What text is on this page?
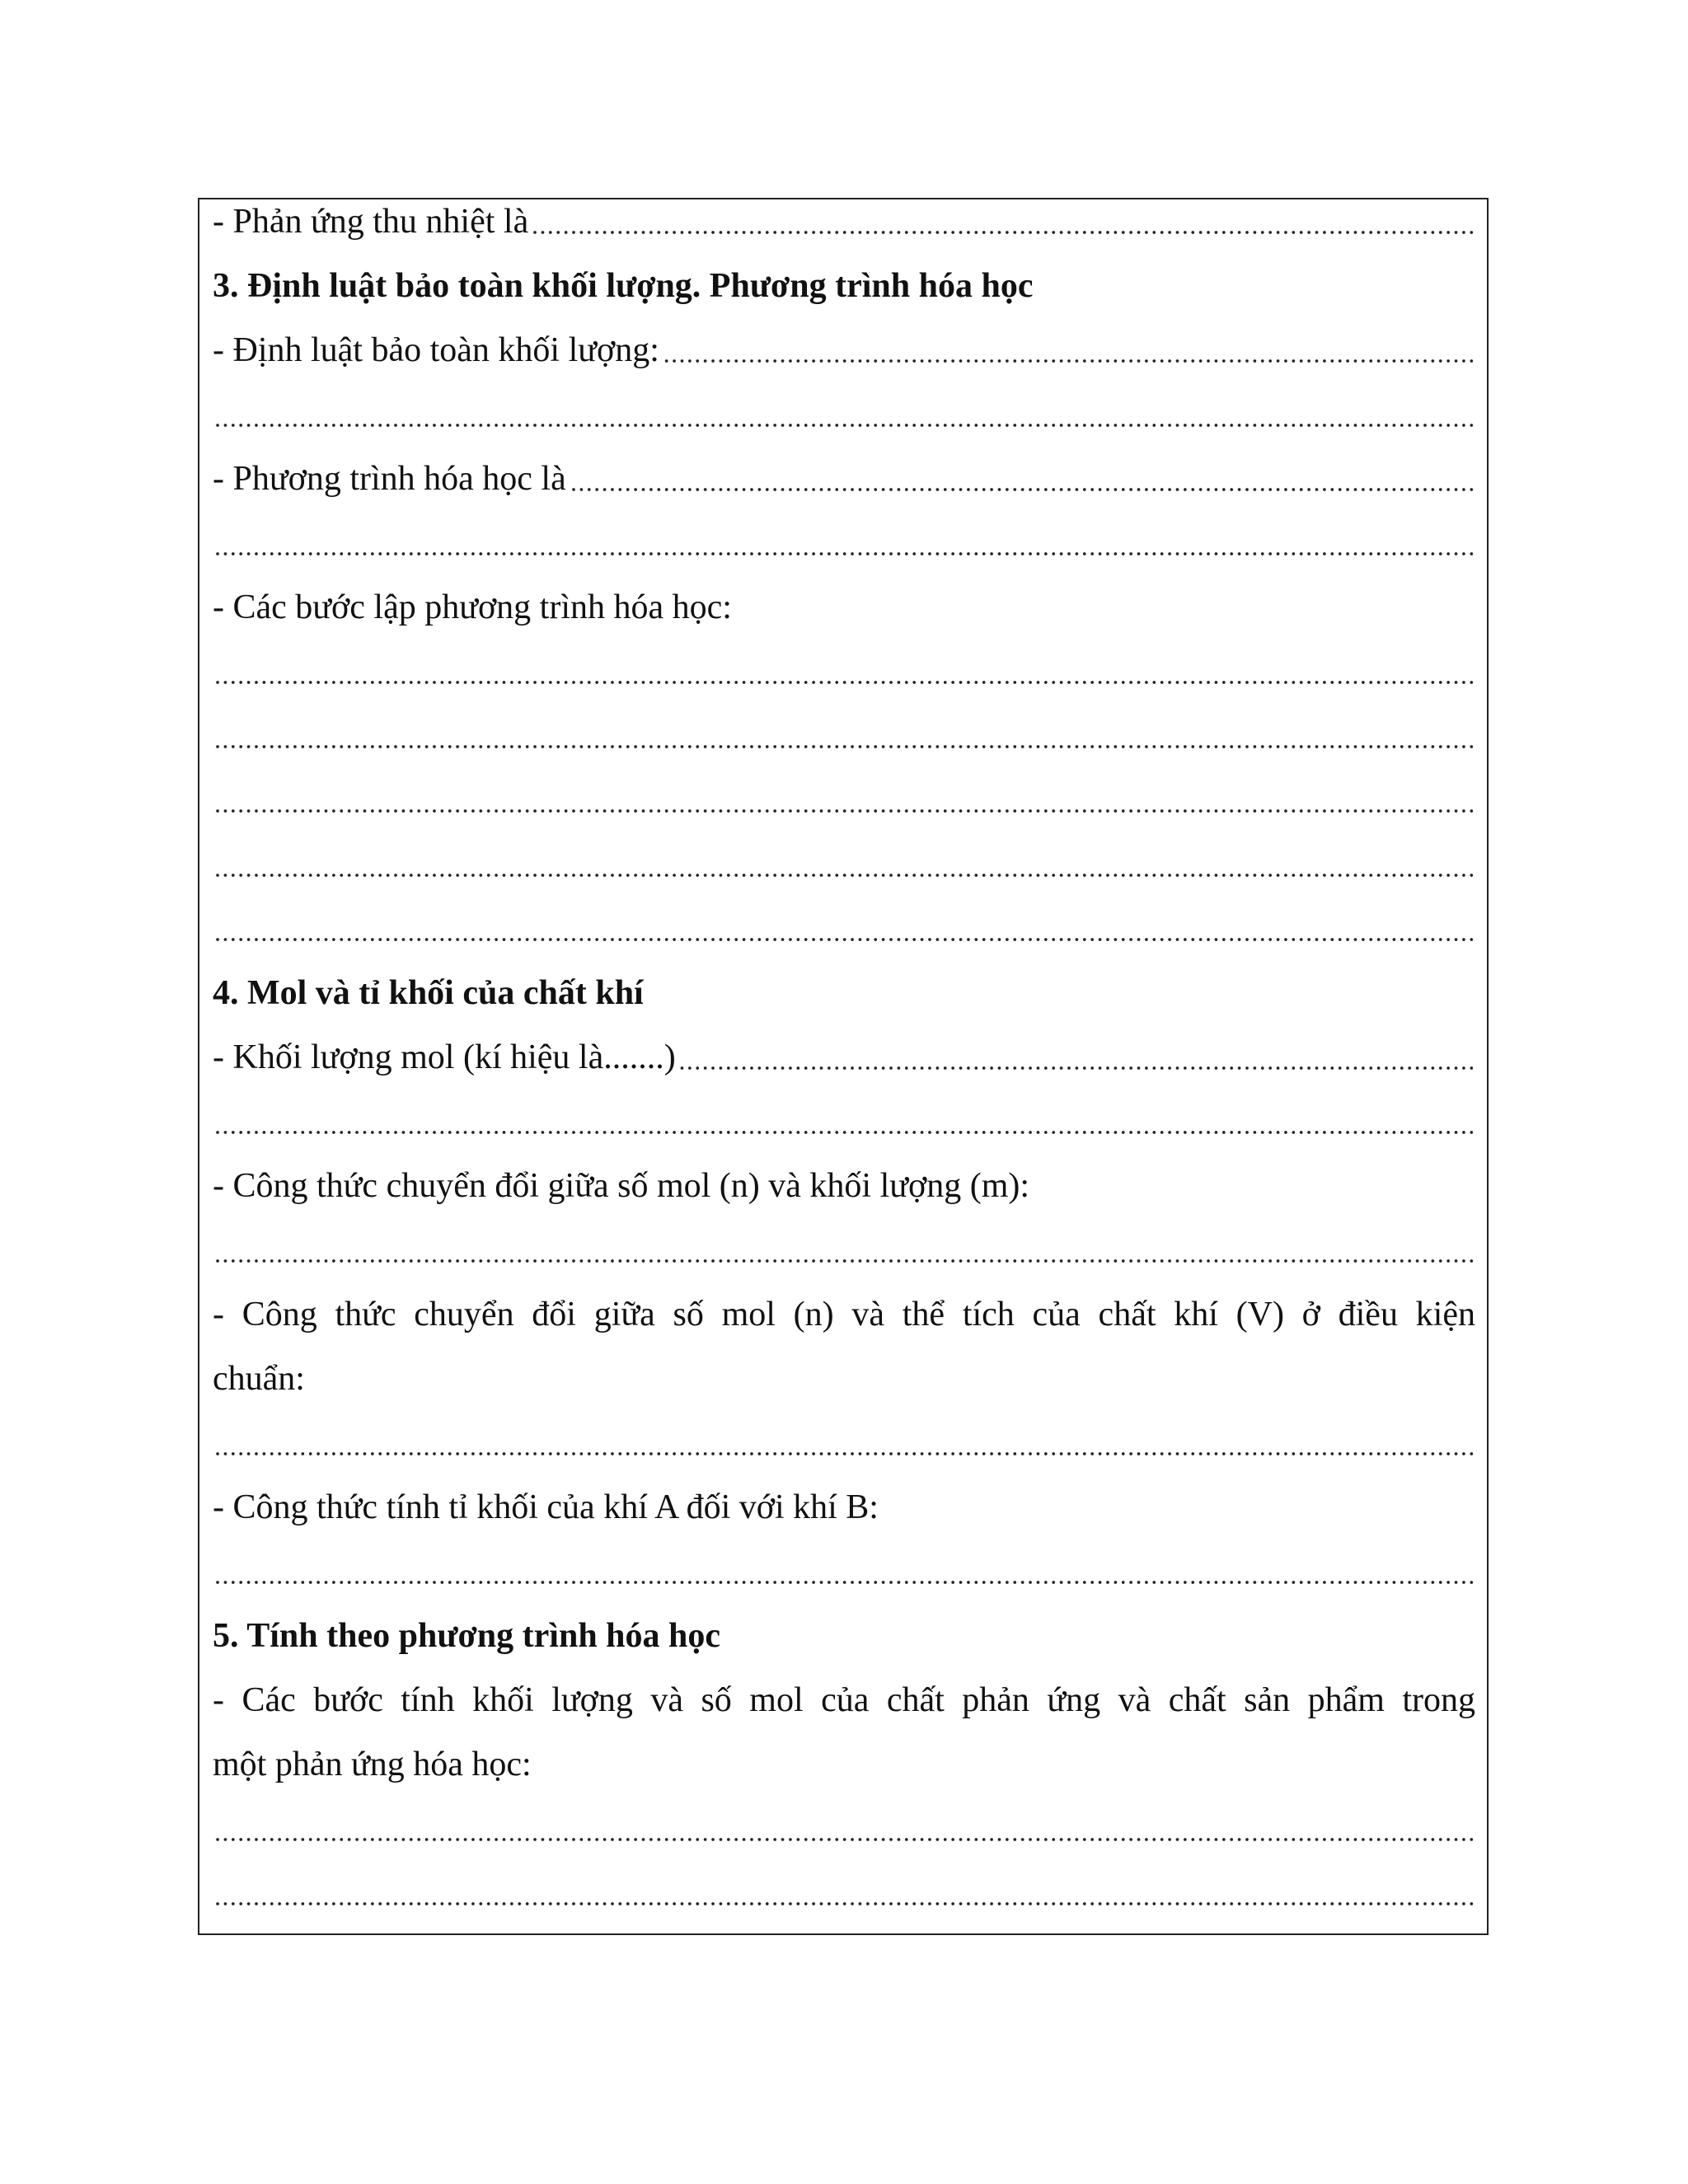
- Phản ứng thu nhiệt là
3. Định luật bảo toàn khối lượng. Phương trình hóa học
- Định luật bảo toàn khối lượng:
- Phương trình hóa học là
- Các bước lập phương trình hóa học:
4. Mol và tỉ khối của chất khí
- Khối lượng mol (kí hiệu là.......)
- Công thức chuyển đổi giữa số mol (n) và khối lượng (m):
- Công thức chuyển đổi giữa số mol (n) và thể tích của chất khí (V) ở điều kiện
chuẩn:
- Công thức tính tỉ khối của khí A đối với khí B:
5. Tính theo phương trình hóa học
- Các bước tính khối lượng và số mol của chất phản ứng và chất sản phẩm trong
một phản ứng hóa học:
